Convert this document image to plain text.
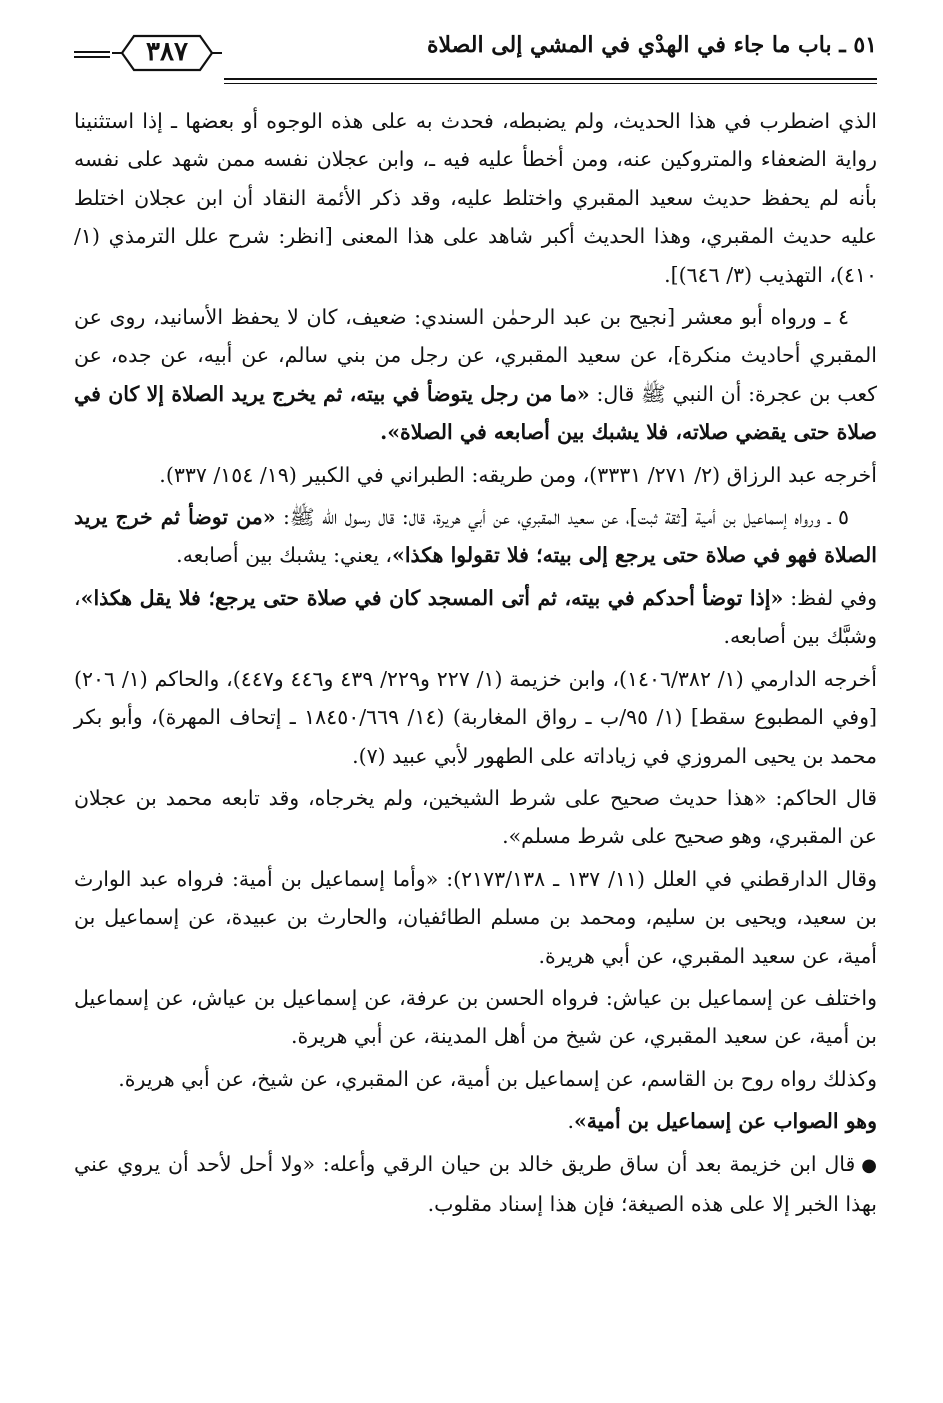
٥١ ـ باب ما جاء في الهدْي في المشي إلى الصلاة
٣٨٧

الذي اضطرب في هذا الحديث، ولم يضبطه، فحدث به على هذه الوجوه أو بعضها ـ إذا استثنينا رواية الضعفاء والمتروكين عنه، ومن أخطأ عليه فيه ـ، وابن عجلان نفسه ممن شهد على نفسه بأنه لم يحفظ حديث سعيد المقبري واختلط عليه، وقد ذكر الأئمة النقاد أن ابن عجلان اختلط عليه حديث المقبري، وهذا الحديث أكبر شاهد على هذا المعنى [انظر: شرح علل الترمذي (١/ ٤١٠)، التهذيب (٣/ ٦٤٦)].

٤ ـ ورواه أبو معشر [نجيح بن عبد الرحمٰن السندي: ضعيف، كان لا يحفظ الأسانيد، روى عن المقبري أحاديث منكرة]، عن سعيد المقبري، عن رجل من بني سالم، عن أبيه، عن جده، عن كعب بن عجرة: أن النبي ﷺ قال: «ما من رجل يتوضأ في بيته، ثم يخرج يريد الصلاة إلا كان في صلاة حتى يقضي صلاته، فلا يشبك بين أصابعه في الصلاة».

أخرجه عبد الرزاق (٢/ ٢٧١/ ٣٣٣١)، ومن طريقه: الطبراني في الكبير (١٩/ ١٥٤/ ٣٣٧).

٥ ـ ورواه إسماعيل بن أمية [ثقة ثبت]، عن سعيد المقبري، عن أبي هريرة، قال: قال رسول الله ﷺ: «من توضأ ثم خرج يريد الصلاة فهو في صلاة حتى يرجع إلى بيته؛ فلا تقولوا هكذا»، يعني: يشبك بين أصابعه.

وفي لفظ: «إذا توضأ أحدكم في بيته، ثم أتى المسجد كان في صلاة حتى يرجع؛ فلا يقل هكذا»، وشبَّك بين أصابعه.

أخرجه الدارمي (١/ ١٤٠٦/٣٨٢)، وابن خزيمة (١/ ٢٢٧ و٢٢٩/ ٤٣٩ و٤٤٦ و٤٤٧)، والحاكم (١/ ٢٠٦) [وفي المطبوع سقط] (١/ ٩٥/ب ـ رواق المغاربة) (١٤/ ١٨٤٥٠/٦٦٩ ـ إتحاف المهرة)، وأبو بكر محمد بن يحيى المروزي في زياداته على الطهور لأبي عبيد (٧).

قال الحاكم: «هذا حديث صحيح على شرط الشيخين، ولم يخرجاه، وقد تابعه محمد بن عجلان عن المقبري، وهو صحيح على شرط مسلم».

وقال الدارقطني في العلل (١١/ ١٣٧ ـ ٢١٧٣/١٣٨): «وأما إسماعيل بن أمية: فرواه عبد الوارث بن سعيد، ويحيى بن سليم، ومحمد بن مسلم الطائفيان، والحارث بن عبيدة، عن إسماعيل بن أمية، عن سعيد المقبري، عن أبي هريرة.

واختلف عن إسماعيل بن عياش: فرواه الحسن بن عرفة، عن إسماعيل بن عياش، عن إسماعيل بن أمية، عن سعيد المقبري، عن شيخ من أهل المدينة، عن أبي هريرة.

وكذلك رواه روح بن القاسم، عن إسماعيل بن أمية، عن المقبري، عن شيخ، عن أبي هريرة.

وهو الصواب عن إسماعيل بن أمية».

●قال ابن خزيمة بعد أن ساق طريق خالد بن حيان الرقي وأعله: «ولا أحل لأحد أن يروي عني بهذا الخبر إلا على هذه الصيغة؛ فإن هذا إسناد مقلوب.
